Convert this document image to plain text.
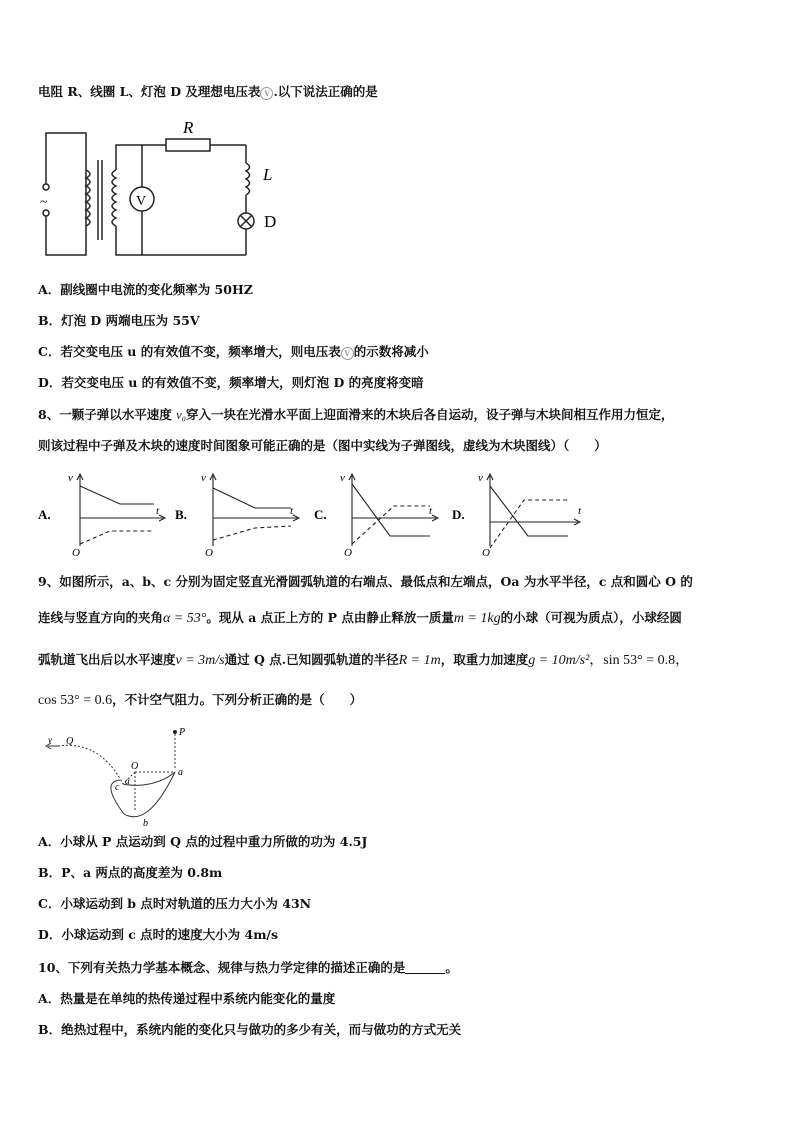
电阻 R、线圈 L、灯泡 D 及理想电压表 V .以下说法正确的是
R
L
D
V
~
A．副线圈中电流的变化频率为 50HZ
B．灯泡 D 两端电压为 55V
C．若交变电压 u 的有效值不变，频率增大，则电压表 V 的示数将减小
D．若交变电压 u 的有效值不变，频率增大，则灯泡 D 的亮度将变暗
8、一颗子弹以水平速度 v₀穿入一块在光滑水平面上迎面滑来的木块后各自运动，设子弹与木块间相互作用力恒定，
则该过程中子弹及木块的速度时间图象可能正确的是（图中实线为子弹图线，虚线为木块图线）（　　）
A.
v
t
O
B.
v
t
O
C.
v
t
O
D.
v
t
O
9、如图所示，a、b、c 分别为固定竖直光滑圆弧轨道的右端点、最低点和左端点，Oa 为水平半径，c 点和圆心 O 的
连线与竖直方向的夹角α = 53°。现从 a 点正上方的 P 点由静止释放一质量m = 1kg的小球（可视为质点），小球经圆
弧轨道飞出后以水平速度v = 3m/s通过 Q 点.已知圆弧轨道的半径R = 1m，取重力加速度g = 10m/s²，sin 53° = 0.8，
cos 53° = 0.6，不计空气阻力。下列分析正确的是（　　）
P
Q
v
O
a
b
c
α
A．小球从 P 点运动到 Q 点的过程中重力所做的功为 4.5J
B．P、a 两点的高度差为 0.8m
C．小球运动到 b 点时对轨道的压力大小为 43N
D．小球运动到 c 点时的速度大小为 4m/s
10、下列有关热力学基本概念、规律与热力学定律的描述正确的是	。
A．热量是在单纯的热传递过程中系统内能变化的量度
B．绝热过程中，系统内能的变化只与做功的多少有关，而与做功的方式无关
